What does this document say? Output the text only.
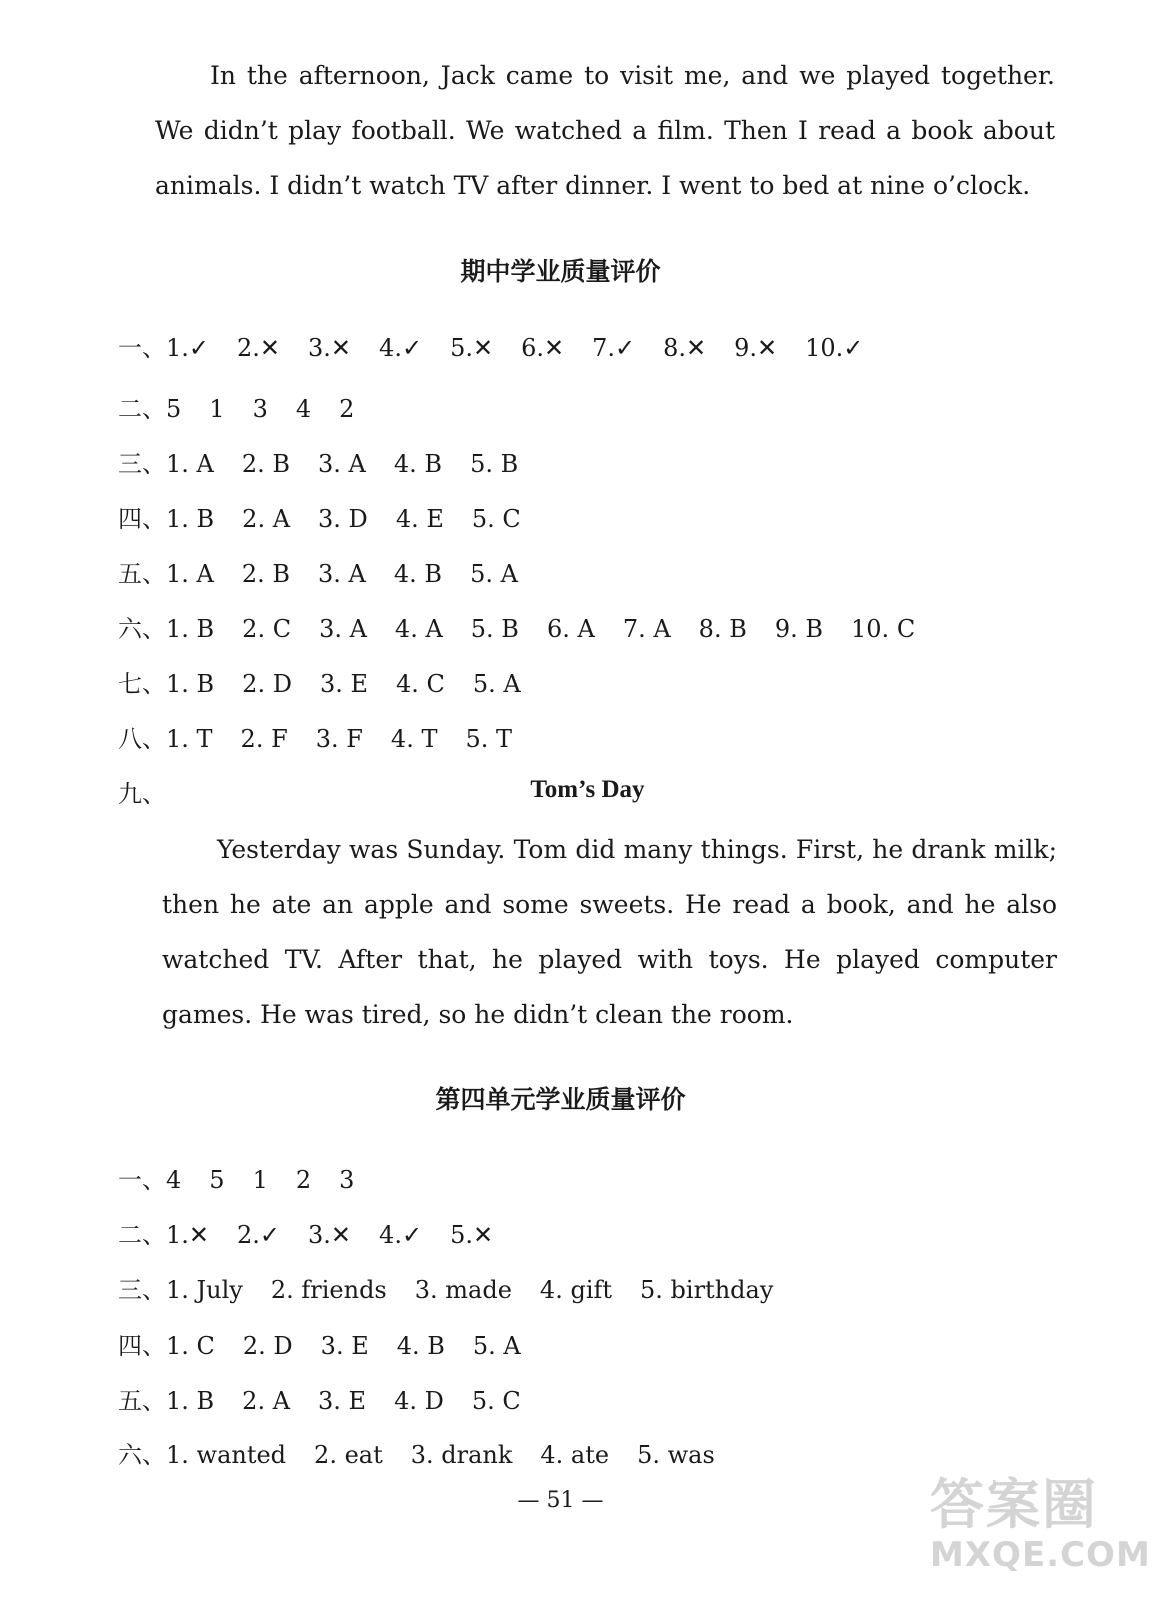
In the afternoon, Jack came to visit me, and we played together. We didn’t play football. We watched a film. Then I read a book about animals. I didn’t watch TV after dinner. I went to bed at nine o’clock.

期中学业质量评价
一、1.✓ 2.✕ 3.✕ 4.✓ 5.✕ 6.✕ 7.✓ 8.✕ 9.✕ 10.✓
二、5 1 3 4 2
三、1. A 2. B 3. A 4. B 5. B
四、1. B 2. A 3. D 4. E 5. C
五、1. A 2. B 3. A 4. B 5. A
六、1. B 2. C 3. A 4. A 5. B 6. A 7. A 8. B 9. B 10. C
七、1. B 2. D 3. E 4. C 5. A
八、1. T 2. F 3. F 4. T 5. T
九、	Tom’s Day

Yesterday was Sunday. Tom did many things. First, he drank milk; then he ate an apple and some sweets. He read a book, and he also watched TV. After that, he played with toys. He played computer games. He was tired, so he didn’t clean the room.

第四单元学业质量评价
一、4 5 1 2 3
二、1.✕ 2.✓ 3.✕ 4.✓ 5.✕
三、1. July 2. friends 3. made 4. gift 5. birthday
四、1. C 2. D 3. E 4. B 5. A
五、1. B 2. A 3. E 4. D 5. C
六、1. wanted 2. eat 3. drank 4. ate 5. was
— 51 —	答案圈
MXQE.COM
